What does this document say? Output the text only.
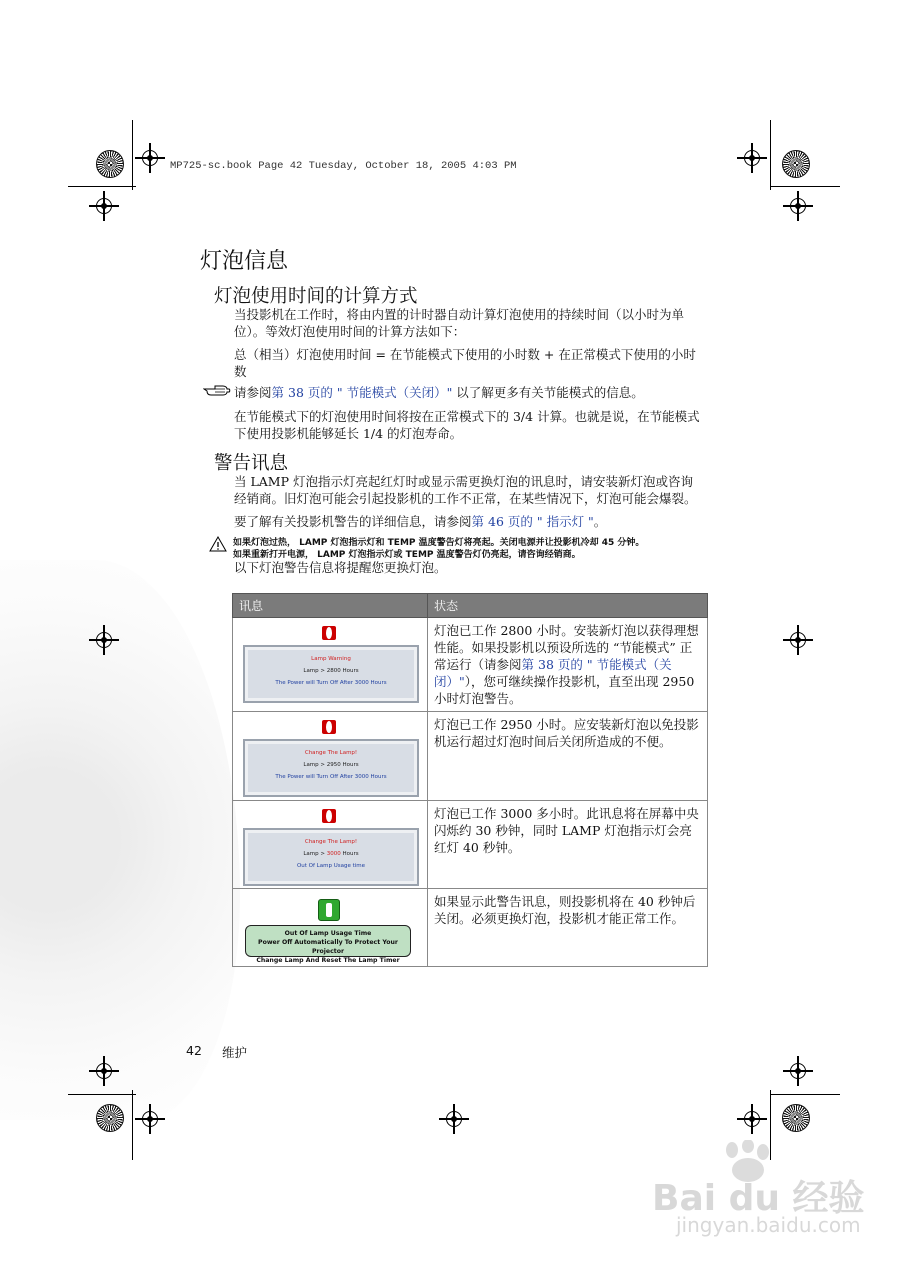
MP725-sc.book Page 42 Tuesday, October 18, 2005 4:03 PM
灯泡信息
灯泡使用时间的计算方式
当投影机在工作时，将由内置的计时器自动计算灯泡使用的持续时间（以小时为单位）。等效灯泡使用时间的计算方法如下：
总（相当）灯泡使用时间 = 在节能模式下使用的小时数 + 在正常模式下使用的小时数
请参阅第 38 页的 " 节能模式（关闭）" 以了解更多有关节能模式的信息。
在节能模式下的灯泡使用时间将按在正常模式下的 3/4 计算。也就是说，在节能模式下使用投影机能够延长 1/4 的灯泡寿命。
警告讯息
当 LAMP 灯泡指示灯亮起红灯时或显示需更换灯泡的讯息时，请安装新灯泡或咨询经销商。旧灯泡可能会引起投影机的工作不正常，在某些情况下，灯泡可能会爆裂。
要了解有关投影机警告的详细信息，请参阅第 46 页的 " 指示灯 "。
如果灯泡过热， LAMP 灯泡指示灯和 TEMP 温度警告灯将亮起。关闭电源并让投影机冷却 45 分钟。
如果重新打开电源， LAMP 灯泡指示灯或 TEMP 温度警告灯仍亮起，请咨询经销商。
以下灯泡警告信息将提醒您更换灯泡。
讯息	状态

Lamp Warning
Lamp > 2800 Hours
The Power will Turn Off After 3000 Hours	灯泡已工作 2800 小时。安装新灯泡以获得理想性能。如果投影机以预设所选的 “节能模式” 正常运行（请参阅第 38 页的 " 节能模式（关闭）"），您可继续操作投影机，直至出现 2950 小时灯泡警告。

Change The Lamp!
Lamp > 2950 Hours
The Power will Turn Off After 3000 Hours	灯泡已工作 2950 小时。应安装新灯泡以免投影机运行超过灯泡时间后关闭所造成的不便。

Change The Lamp!
Lamp > 3000 Hours
Out Of Lamp Usage time	灯泡已工作 3000 多小时。此讯息将在屏幕中央闪烁约 30 秒钟，同时 LAMP 灯泡指示灯会亮红灯 40 秒钟。

Out Of Lamp Usage Time
Power Off Automatically To Protect Your Projector
Change Lamp And Reset The Lamp Timer	如果显示此警告讯息，则投影机将在 40 秒钟后关闭。必须更换灯泡，投影机才能正常工作。
42 维护
Bai du 经验
jingyan.baidu.com
